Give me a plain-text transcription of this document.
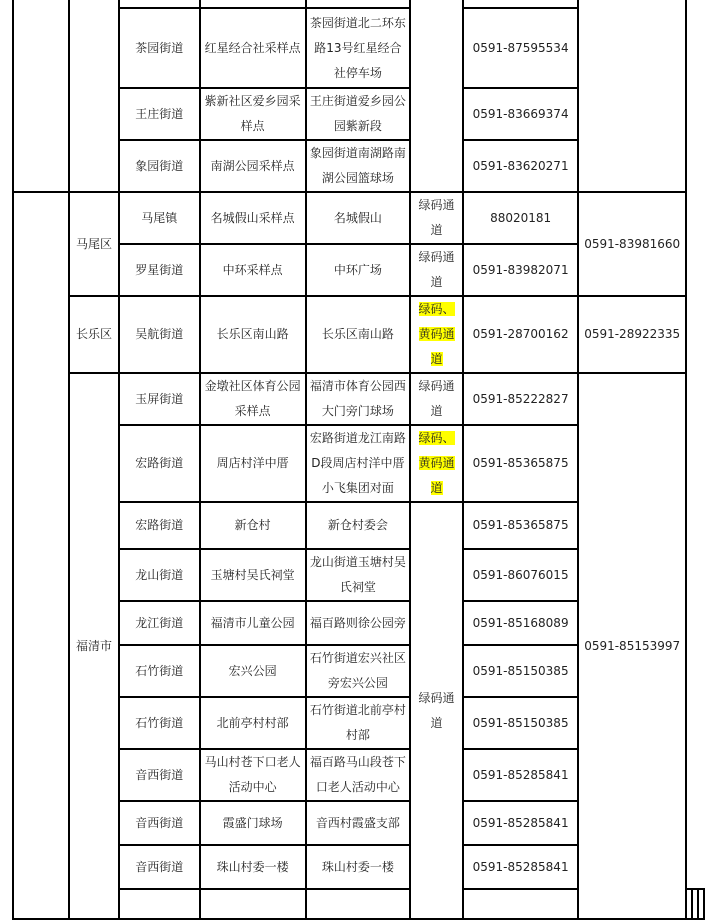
		茶园街道	红星经合社采样点	茶园街道北二环东路13号红星经合社停车场		0591-87595534				
		王庄街道	紫新社区爱乡园采样点	王庄街道爱乡园公园紫新段		0591-83669374				
		象园街道	南湖公园采样点	象园街道南湖路南湖公园篮球场		0591-83620271				
	马尾区	马尾镇	名城假山采样点	名城假山	绿码通道	88020181	0591-83981660			
		罗星街道	中环采样点	中环广场	绿码通道	0591-83982071				
	长乐区	吴航街道	长乐区南山路	长乐区南山路	绿码、黄码通道	0591-28700162	0591-28922335			
	福清市	玉屏街道	金墩社区体育公园采样点	福清市体育公园西大门旁门球场	绿码通道	0591-85222827	0591-85153997			
		宏路街道	周店村洋中厝	宏路街道龙江南路D段周店村洋中厝小飞集团对面	绿码、黄码通道	0591-85365875				
		宏路街道	新仓村	新仓村委会	绿码通道	0591-85365875				
		龙山街道	玉塘村吴氏祠堂	龙山街道玉塘村吴氏祠堂		0591-86076015				
		龙江街道	福清市儿童公园	福百路则徐公园旁		0591-85168089				
		石竹街道	宏兴公园	石竹街道宏兴社区旁宏兴公园		0591-85150385				
		石竹街道	北前亭村村部	石竹街道北前亭村村部		0591-85150385				
		音西街道	马山村苍下口老人活动中心	福百路马山段苍下口老人活动中心		0591-85285841				
		音西街道	霞盛门球场	音西村霞盛支部		0591-85285841				
		音西街道	珠山村委一楼	珠山村委一楼		0591-85285841				
